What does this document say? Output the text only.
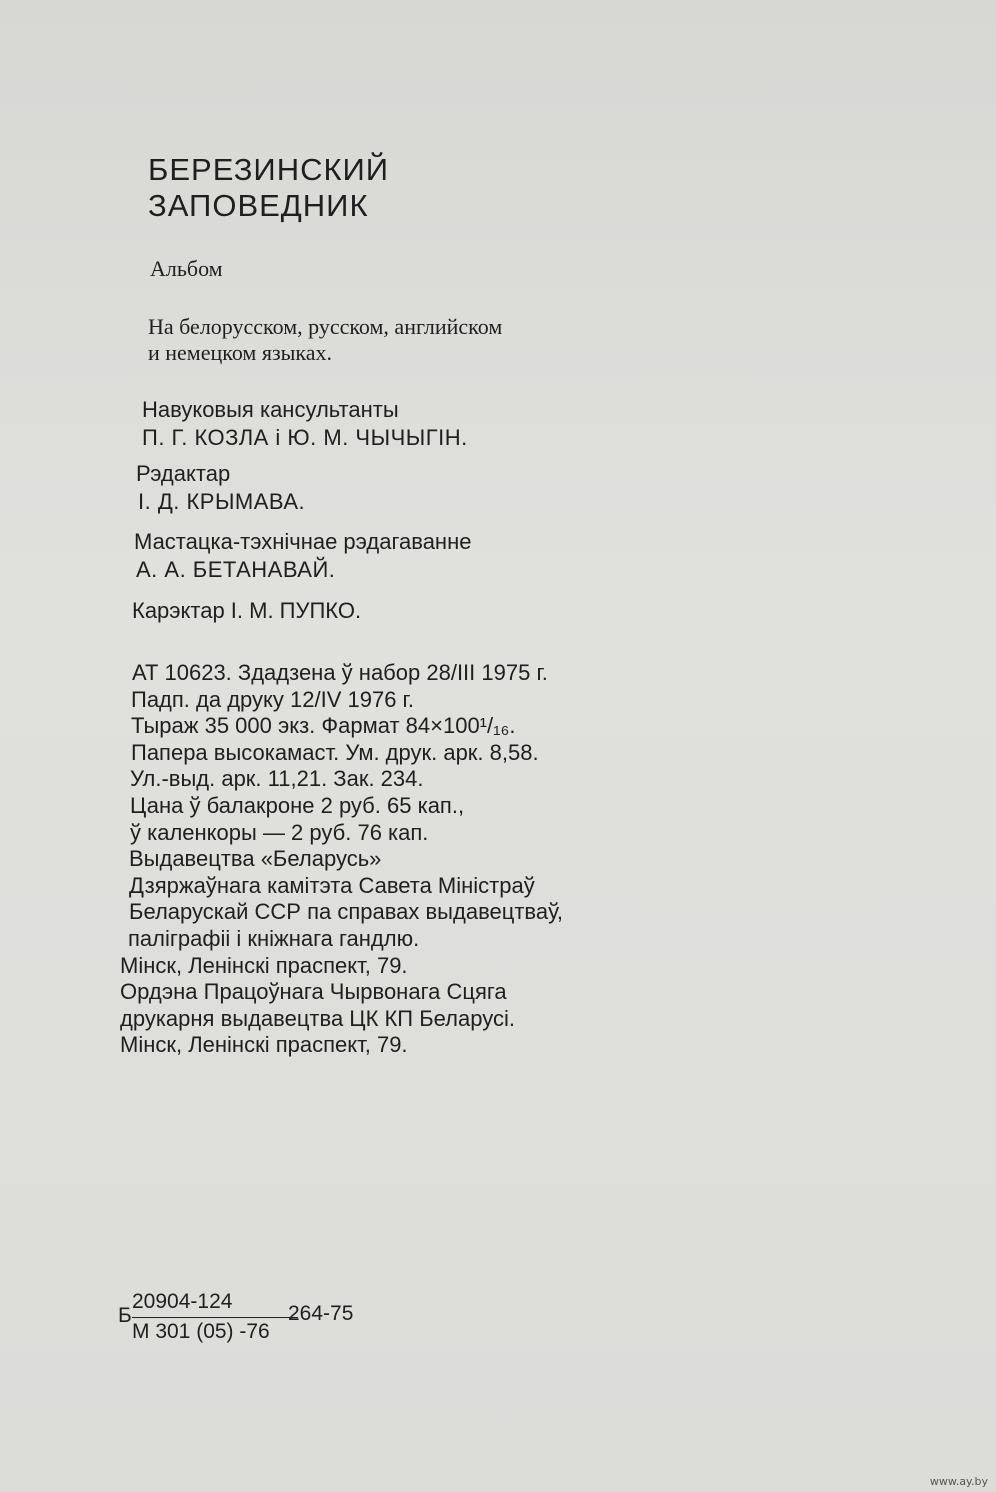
БЕРЕЗИНСКИЙ
ЗАПОВЕДНИК
Альбом
На белорусском, русском, английском
и немецком языках.
Навуковыя кансультанты
П. Г. КОЗЛА і Ю. М. ЧЫЧЫГІН.
Рэдактар
І. Д. КРЫМАВА.
Мастацка-тэхнічнае рэдагаванне
А. А. БЕТАНАВАЙ.
Карэктар І. М. ПУПКО.
АТ 10623. Здадзена ў набор 28/ІІІ 1975 г.
Падп. да друку 12/IV 1976 г.
Тыраж 35 000 экз. Фармат 84×100¹/₁₆.
Папера высокамаст. Ум. друк. арк. 8,58.
Ул.-выд. арк. 11,21. Зак. 234.
Цана ў балакроне 2 руб. 65 кап.,
ў каленкоры — 2 руб. 76 кап.
Выдавецтва «Беларусь»
Дзяржаўнага камітэта Савета Міністраў
Беларускай ССР па справах выдавецтваў,
паліграфіі і кніжнага гандлю.
Мінск, Ленінскі праспект, 79.
Ордэна Працоўнага Чырвонага Сцяга
друкарня выдавецтва ЦК КП Беларусі.
Мінск, Ленінскі праспект, 79.
Б
20904-124
М 301 (05) -76
264-75
www.ay.by
